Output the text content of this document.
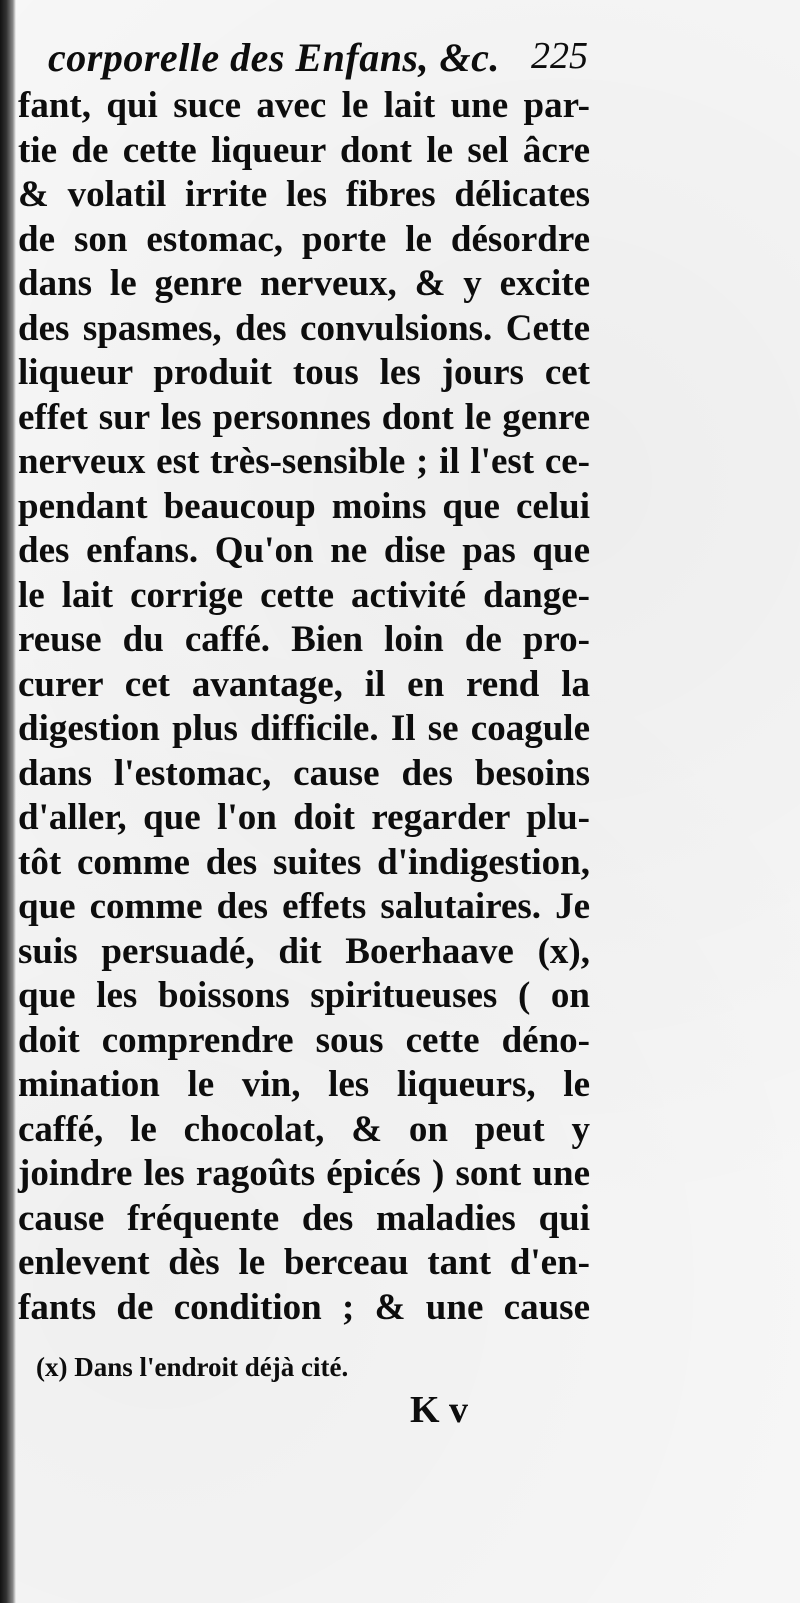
corporelle des Enfans, &c. 225
fant, qui suce avec le lait une par-
tie de cette liqueur dont le sel âcre
& volatil irrite les fibres délicates
de son estomac, porte le désordre
dans le genre nerveux, & y excite
des spasmes, des convulsions. Cette
liqueur produit tous les jours cet
effet sur les personnes dont le genre
nerveux est très-sensible ; il l'est ce-
pendant beaucoup moins que celui
des enfans. Qu'on ne dise pas que
le lait corrige cette activité dange-
reuse du caffé. Bien loin de pro-
curer cet avantage, il en rend la
digestion plus difficile. Il se coagule
dans l'estomac, cause des besoins
d'aller, que l'on doit regarder plu-
tôt comme des suites d'indigestion,
que comme des effets salutaires. Je
suis persuadé, dit Boerhaave (x),
que les boissons spiritueuses ( on
doit comprendre sous cette déno-
mination le vin, les liqueurs, le
caffé, le chocolat, & on peut y
joindre les ragoûts épicés ) sont une
cause fréquente des maladies qui
enlevent dès le berceau tant d'en-
fants de condition ; & une cause
(x) Dans l'endroit déjà cité.
K v
